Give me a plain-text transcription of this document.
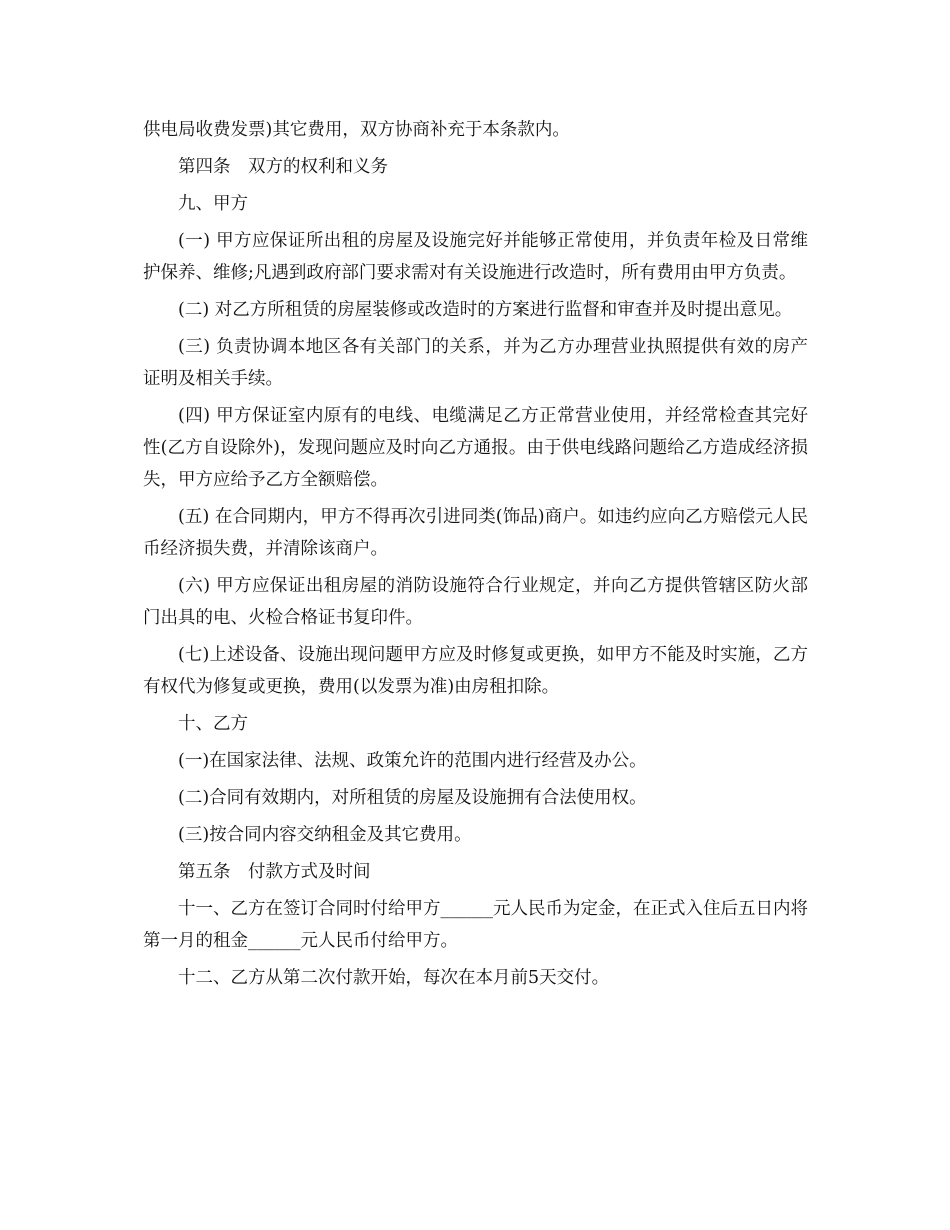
供电局收费发票)其它费用，双方协商补充于本条款内。

第四条　双方的权利和义务

九、甲方

(一) 甲方应保证所出租的房屋及设施完好并能够正常使用，并负责年检及日常维护保养、维修;凡遇到政府部门要求需对有关设施进行改造时，所有费用由甲方负责。

(二) 对乙方所租赁的房屋装修或改造时的方案进行监督和审查并及时提出意见。

(三) 负责协调本地区各有关部门的关系，并为乙方办理营业执照提供有效的房产证明及相关手续。

(四) 甲方保证室内原有的电线、电缆满足乙方正常营业使用，并经常检查其完好性(乙方自设除外)，发现问题应及时向乙方通报。由于供电线路问题给乙方造成经济损失，甲方应给予乙方全额赔偿。

(五) 在合同期内，甲方不得再次引进同类(饰品)商户。如违约应向乙方赔偿元人民币经济损失费，并清除该商户。

(六) 甲方应保证出租房屋的消防设施符合行业规定，并向乙方提供管辖区防火部门出具的电、火检合格证书复印件。

(七)上述设备、设施出现问题甲方应及时修复或更换，如甲方不能及时实施，乙方有权代为修复或更换，费用(以发票为准)由房租扣除。

十、乙方

(一)在国家法律、法规、政策允许的范围内进行经营及办公。

(二)合同有效期内，对所租赁的房屋及设施拥有合法使用权。

(三)按合同内容交纳租金及其它费用。

第五条　付款方式及时间

十一、乙方在签订合同时付给甲方______元人民币为定金，在正式入住后五日内将第一月的租金______元人民币付给甲方。

十二、乙方从第二次付款开始，每次在本月前5天交付。
